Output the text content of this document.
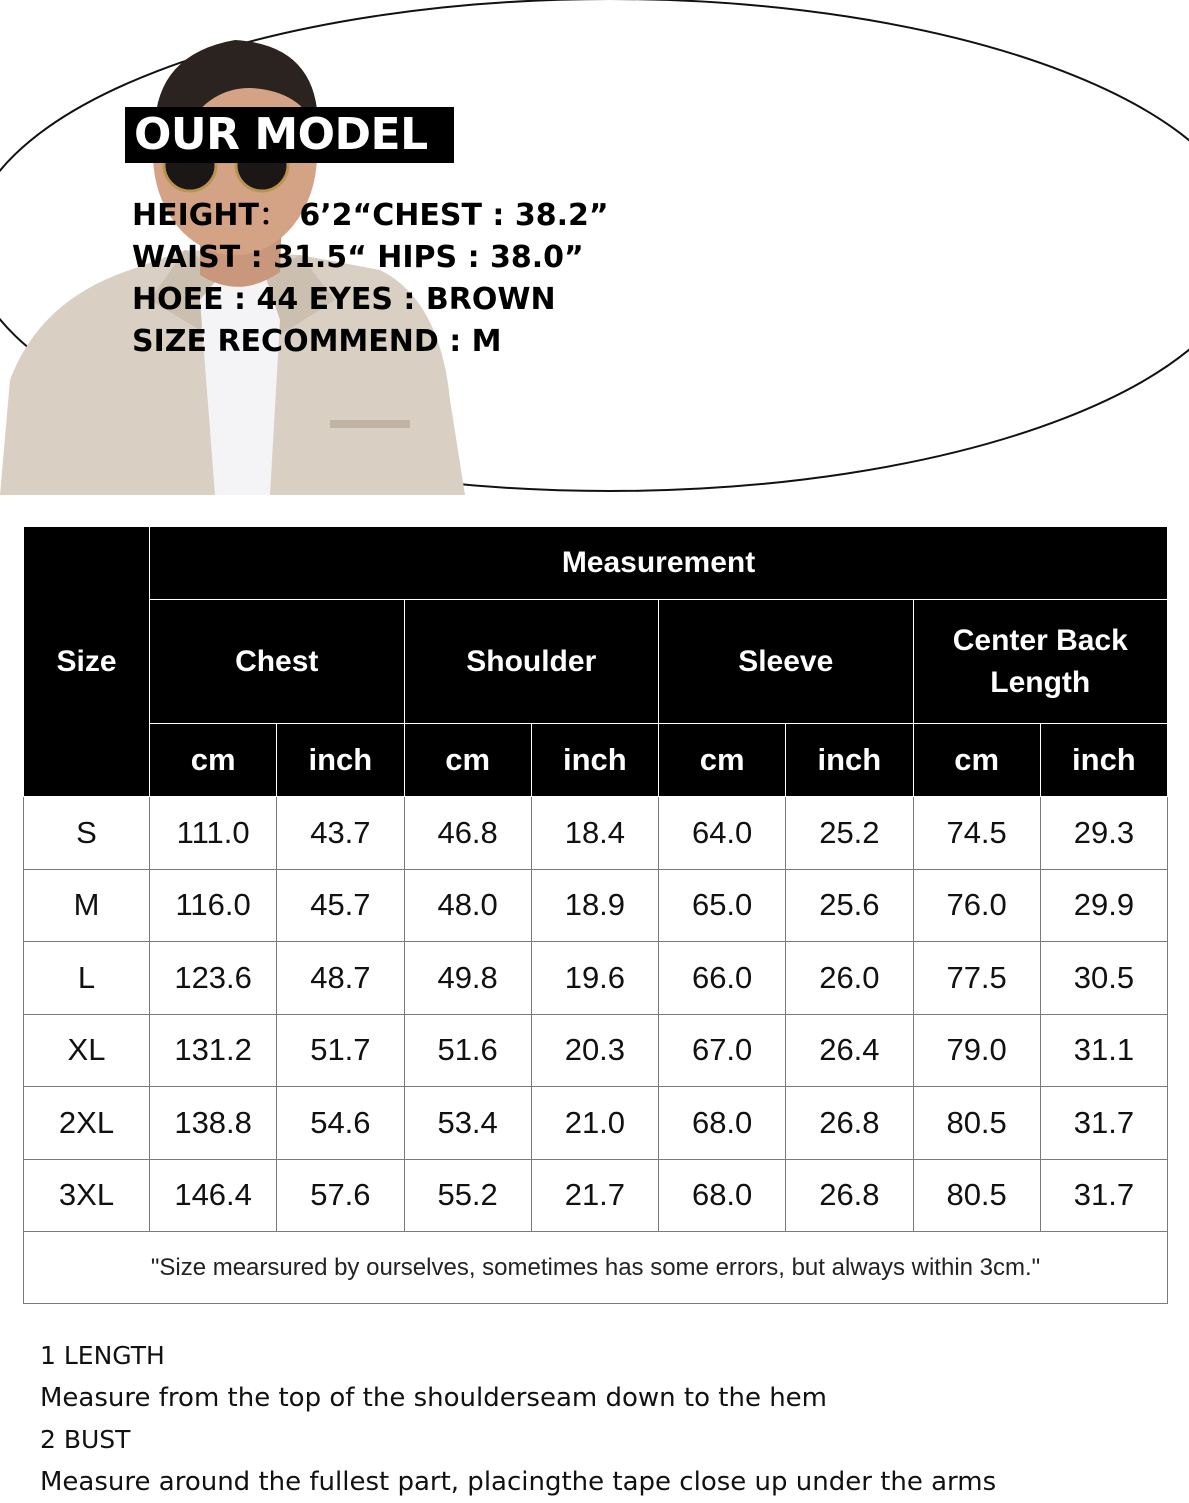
OUR MODEL
HEIGHT： 6’2“CHEST : 38.2”
WAIST : 31.5“ HIPS : 38.0”
HOEE : 44 EYES : BROWN
SIZE RECOMMEND : M
Size	Measurement							
	Chest		Shoulder		Sleeve		Center Back Length	
	cm	inch	cm	inch	cm	inch	cm	inch
S	111.0	43.7	46.8	18.4	64.0	25.2	74.5	29.3
M	116.0	45.7	48.0	18.9	65.0	25.6	76.0	29.9
L	123.6	48.7	49.8	19.6	66.0	26.0	77.5	30.5
XL	131.2	51.7	51.6	20.3	67.0	26.4	79.0	31.1
2XL	138.8	54.6	53.4	21.0	68.0	26.8	80.5	31.7
3XL	146.4	57.6	55.2	21.7	68.0	26.8	80.5	31.7
"Size mearsured by ourselves, sometimes has some errors, but always within 3cm."								
1 LENGTH
Measure from the top of the shoulderseam down to the hem
2 BUST
Measure around the fullest part, placingthe tape close up under the arms
